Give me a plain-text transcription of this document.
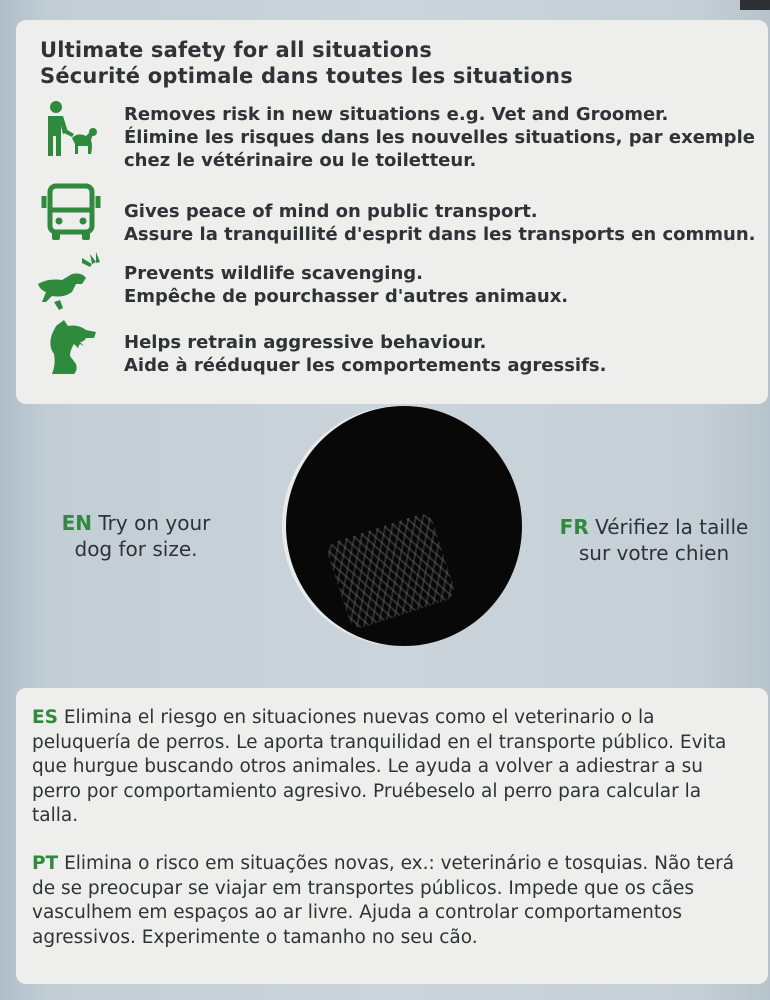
Ultimate safety for all situations
Sécurité optimale dans toutes les situations
Removes risk in new situations e.g. Vet and Groomer.
Élimine les risques dans les nouvelles situations, par exemple
chez le vétérinaire ou le toiletteur.
Gives peace of mind on public transport.
Assure la tranquillité d'esprit dans les transports en commun.
Prevents wildlife scavenging.
Empêche de pourchasser d'autres animaux.
Helps retrain aggressive behaviour.
Aide à rééduquer les comportements agressifs.
EN Try on your
dog for size.
FR Vérifiez la taille
sur votre chien

ES Elimina el riesgo en situaciones nuevas como el veterinario o la peluquería de perros. Le aporta tranquilidad en el transporte público. Evita que hurgue buscando otros animales. Le ayuda a volver a adiestrar a su perro por comportamiento agresivo. Pruébeselo al perro para calcular la talla.

PT Elimina o risco em situações novas, ex.: veterinário e tosquias. Não terá de se preocupar se viajar em transportes públicos. Impede que os cães vasculhem em espaços ao ar livre. Ajuda a controlar comportamentos agressivos. Experimente o tamanho no seu cão.
